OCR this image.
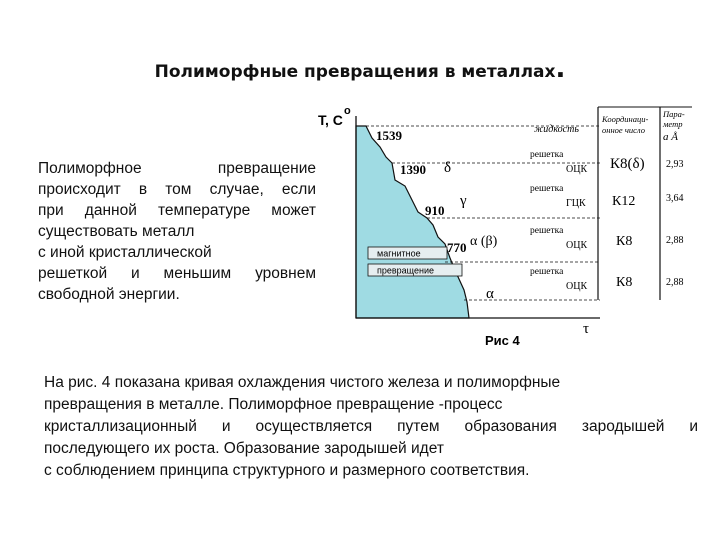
Полиморфные превращения в металлах.
Полиморфное превращение
происходит в том случае, если
при данной температуре может
существовать металл
с иной кристаллической
решеткой и меньшим уровнем
свободной энергии.
магнитное
превращение
T, C
o
τ
Рис 4
1539
1390
910
770
δ
γ
α (β)
α
жидкость
Координаци-
онное число
Пара-
метр
a Å
решетка
ОЦК К8(δ) 2,93
решетка
ГЦК К12	3,64
решетка
ОЦК К8	2,88
решетка
ОЦК К8	2,88
На рис. 4 показана кривая охлаждения чистого железа и полиморфные
превращения в металле. Полиморфное превращение -процесс
кристаллизационный и осуществляется путем образования зародышей и
последующего их роста. Образование зародышей идет
с соблюдением принципа структурного и размерного соответствия.
